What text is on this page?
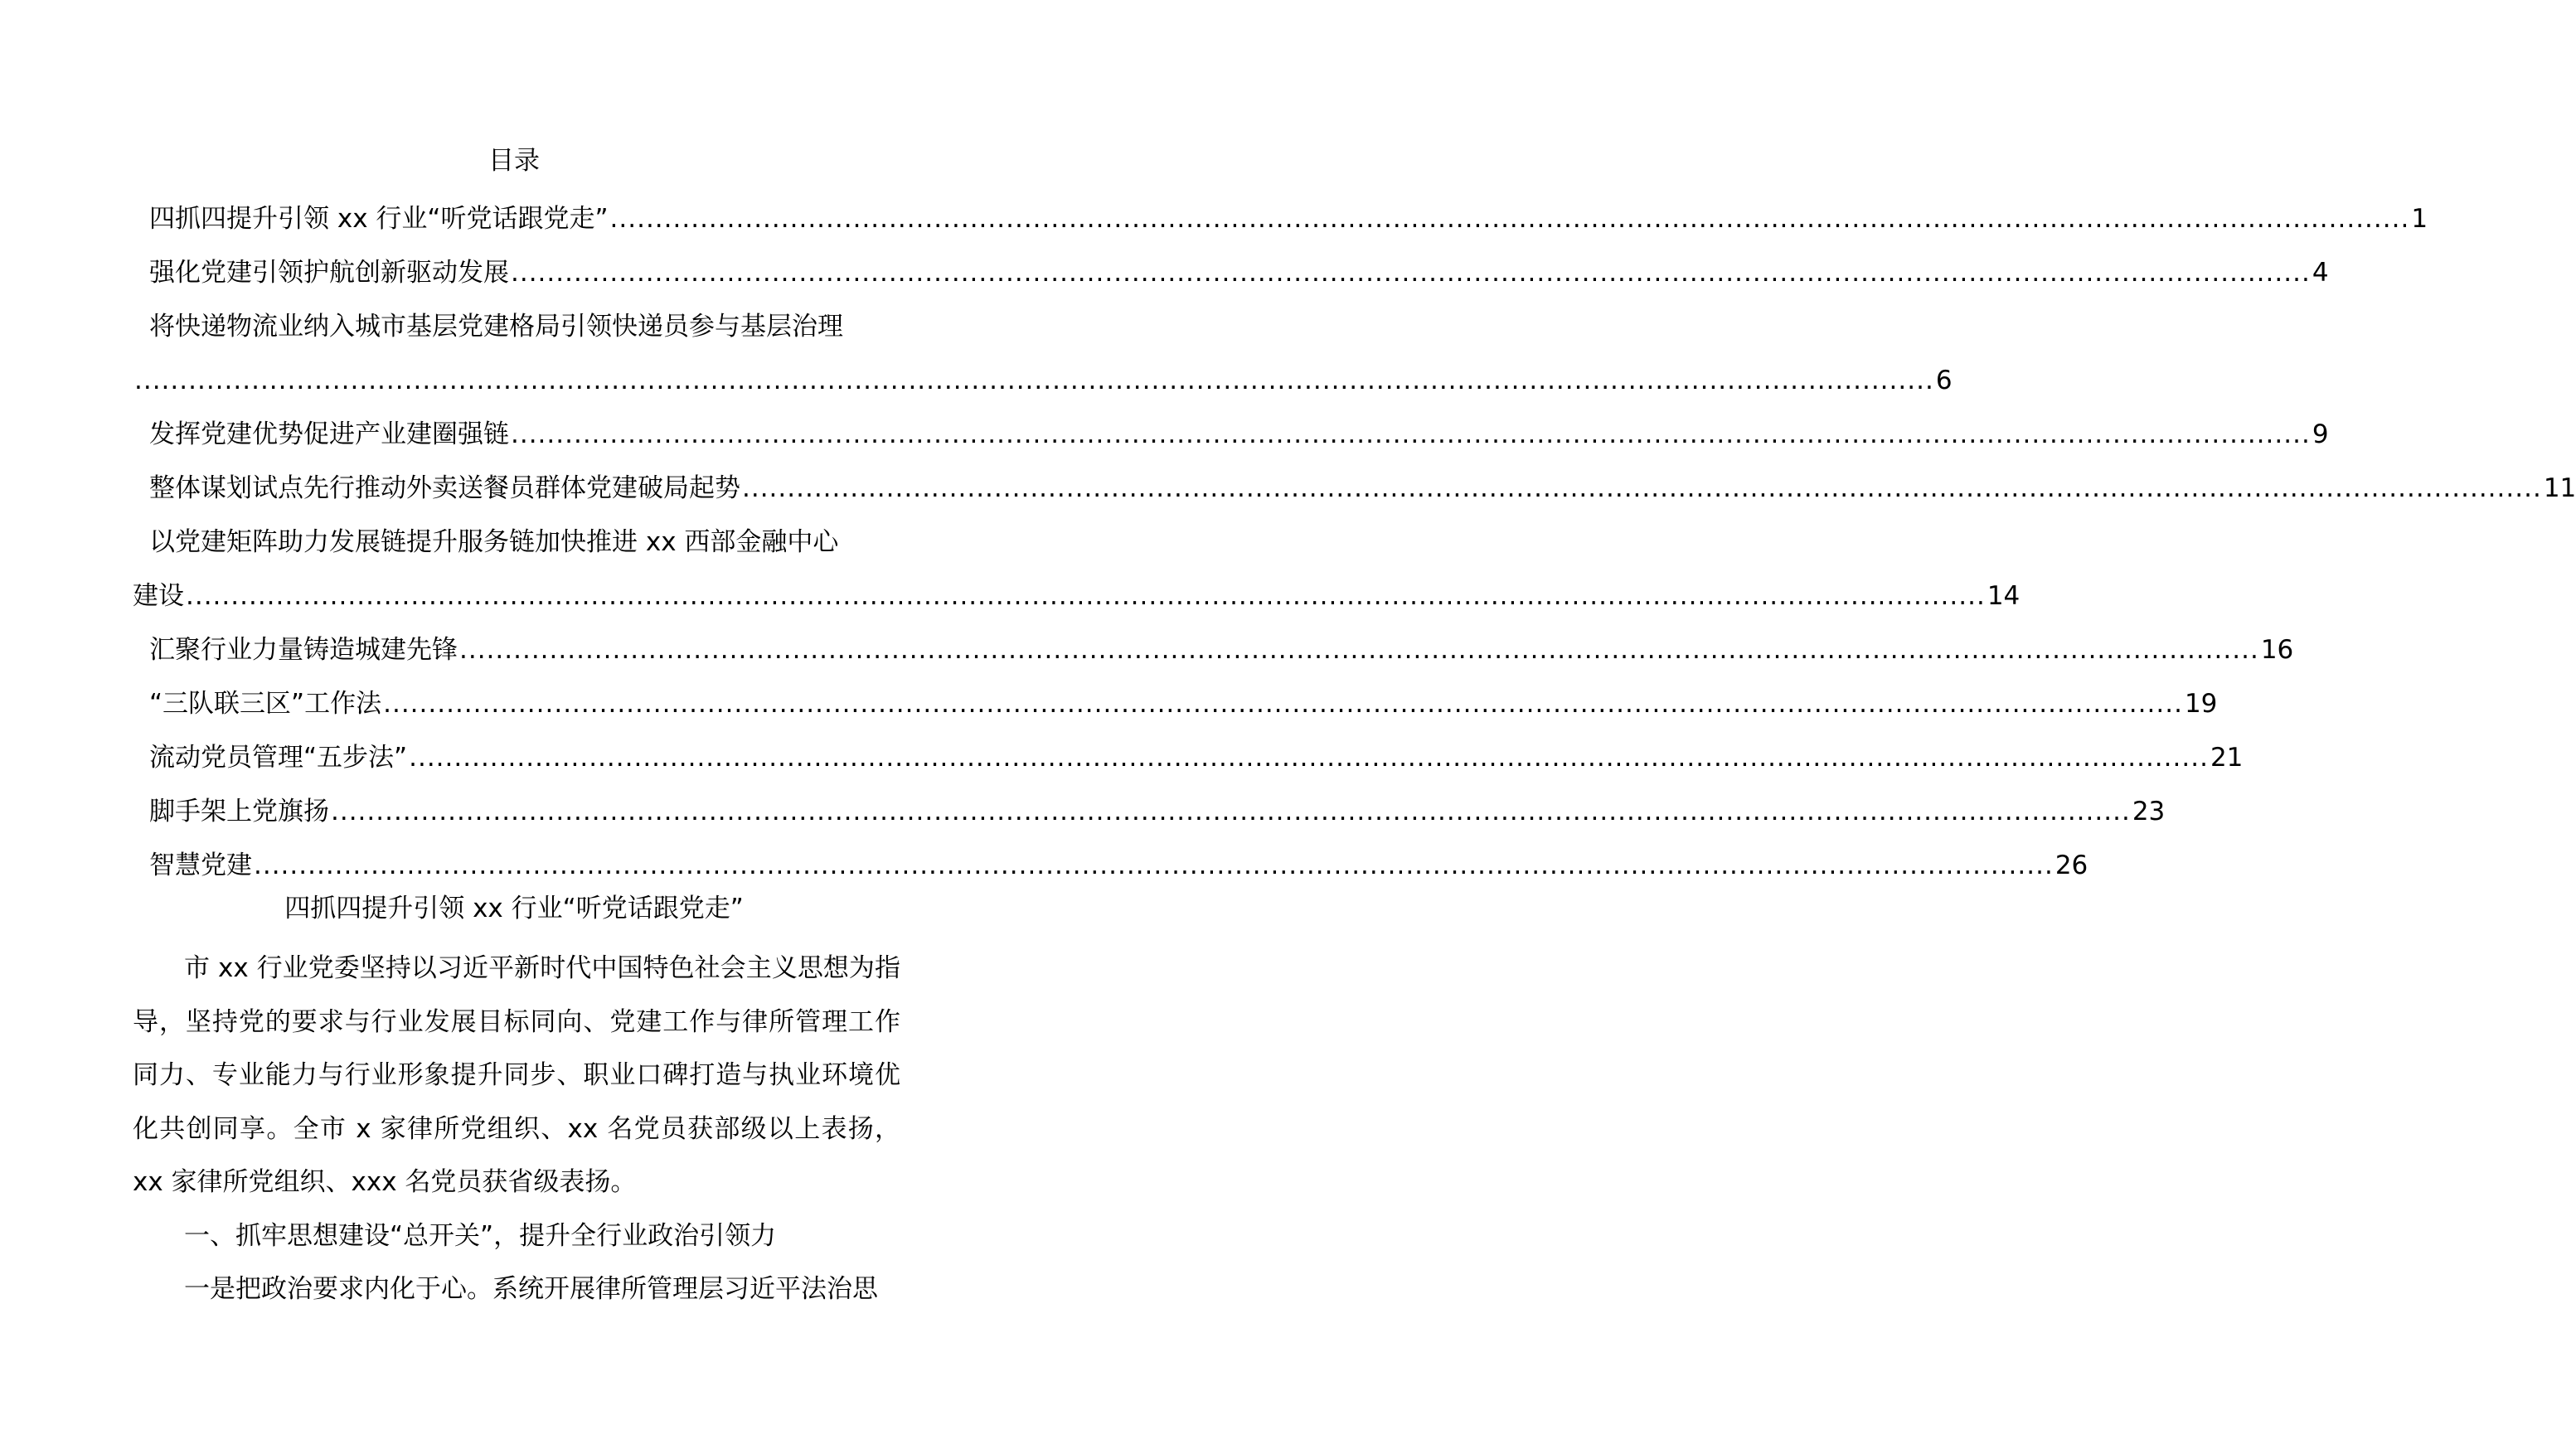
目录
四抓四提升引领 xx 行业“听党话跟党走” ........................................................................................................................................................................................................ 1
强化党建引领护航创新驱动发展 ........................................................................................................................................................................................................ 4
将快递物流业纳入城市基层党建格局引领快递员参与基层治理
........................................................................................................................................................................................................ 6
发挥党建优势促进产业建圈强链 ........................................................................................................................................................................................................ 9
整体谋划试点先行推动外卖送餐员群体党建破局起势 ........................................................................................................................................................................................................ 11
以党建矩阵助力发展链提升服务链加快推进 xx 西部金融中心
建设 ........................................................................................................................................................................................................ 14
汇聚行业力量铸造城建先锋 ........................................................................................................................................................................................................ 16
“三队联三区”工作法 ........................................................................................................................................................................................................ 19
流动党员管理“五步法” ........................................................................................................................................................................................................ 21
脚手架上党旗扬 ........................................................................................................................................................................................................ 23
智慧党建 ........................................................................................................................................................................................................ 26
四抓四提升引领 xx 行业“听党话跟党走”

市 xx 行业党委坚持以习近平新时代中国特色社会主义思想为指导，坚持党的要求与行业发展目标同向、党建工作与律所管理工作同力、专业能力与行业形象提升同步、职业口碑打造与执业环境优化共创同享。全市 x 家律所党组织、xx 名党员获部级以上表扬，xx 家律所党组织、xxx 名党员获省级表扬。

一、抓牢思想建设“总开关”，提升全行业政治引领力

一是把政治要求内化于心。系统开展律所管理层习近平法治思
